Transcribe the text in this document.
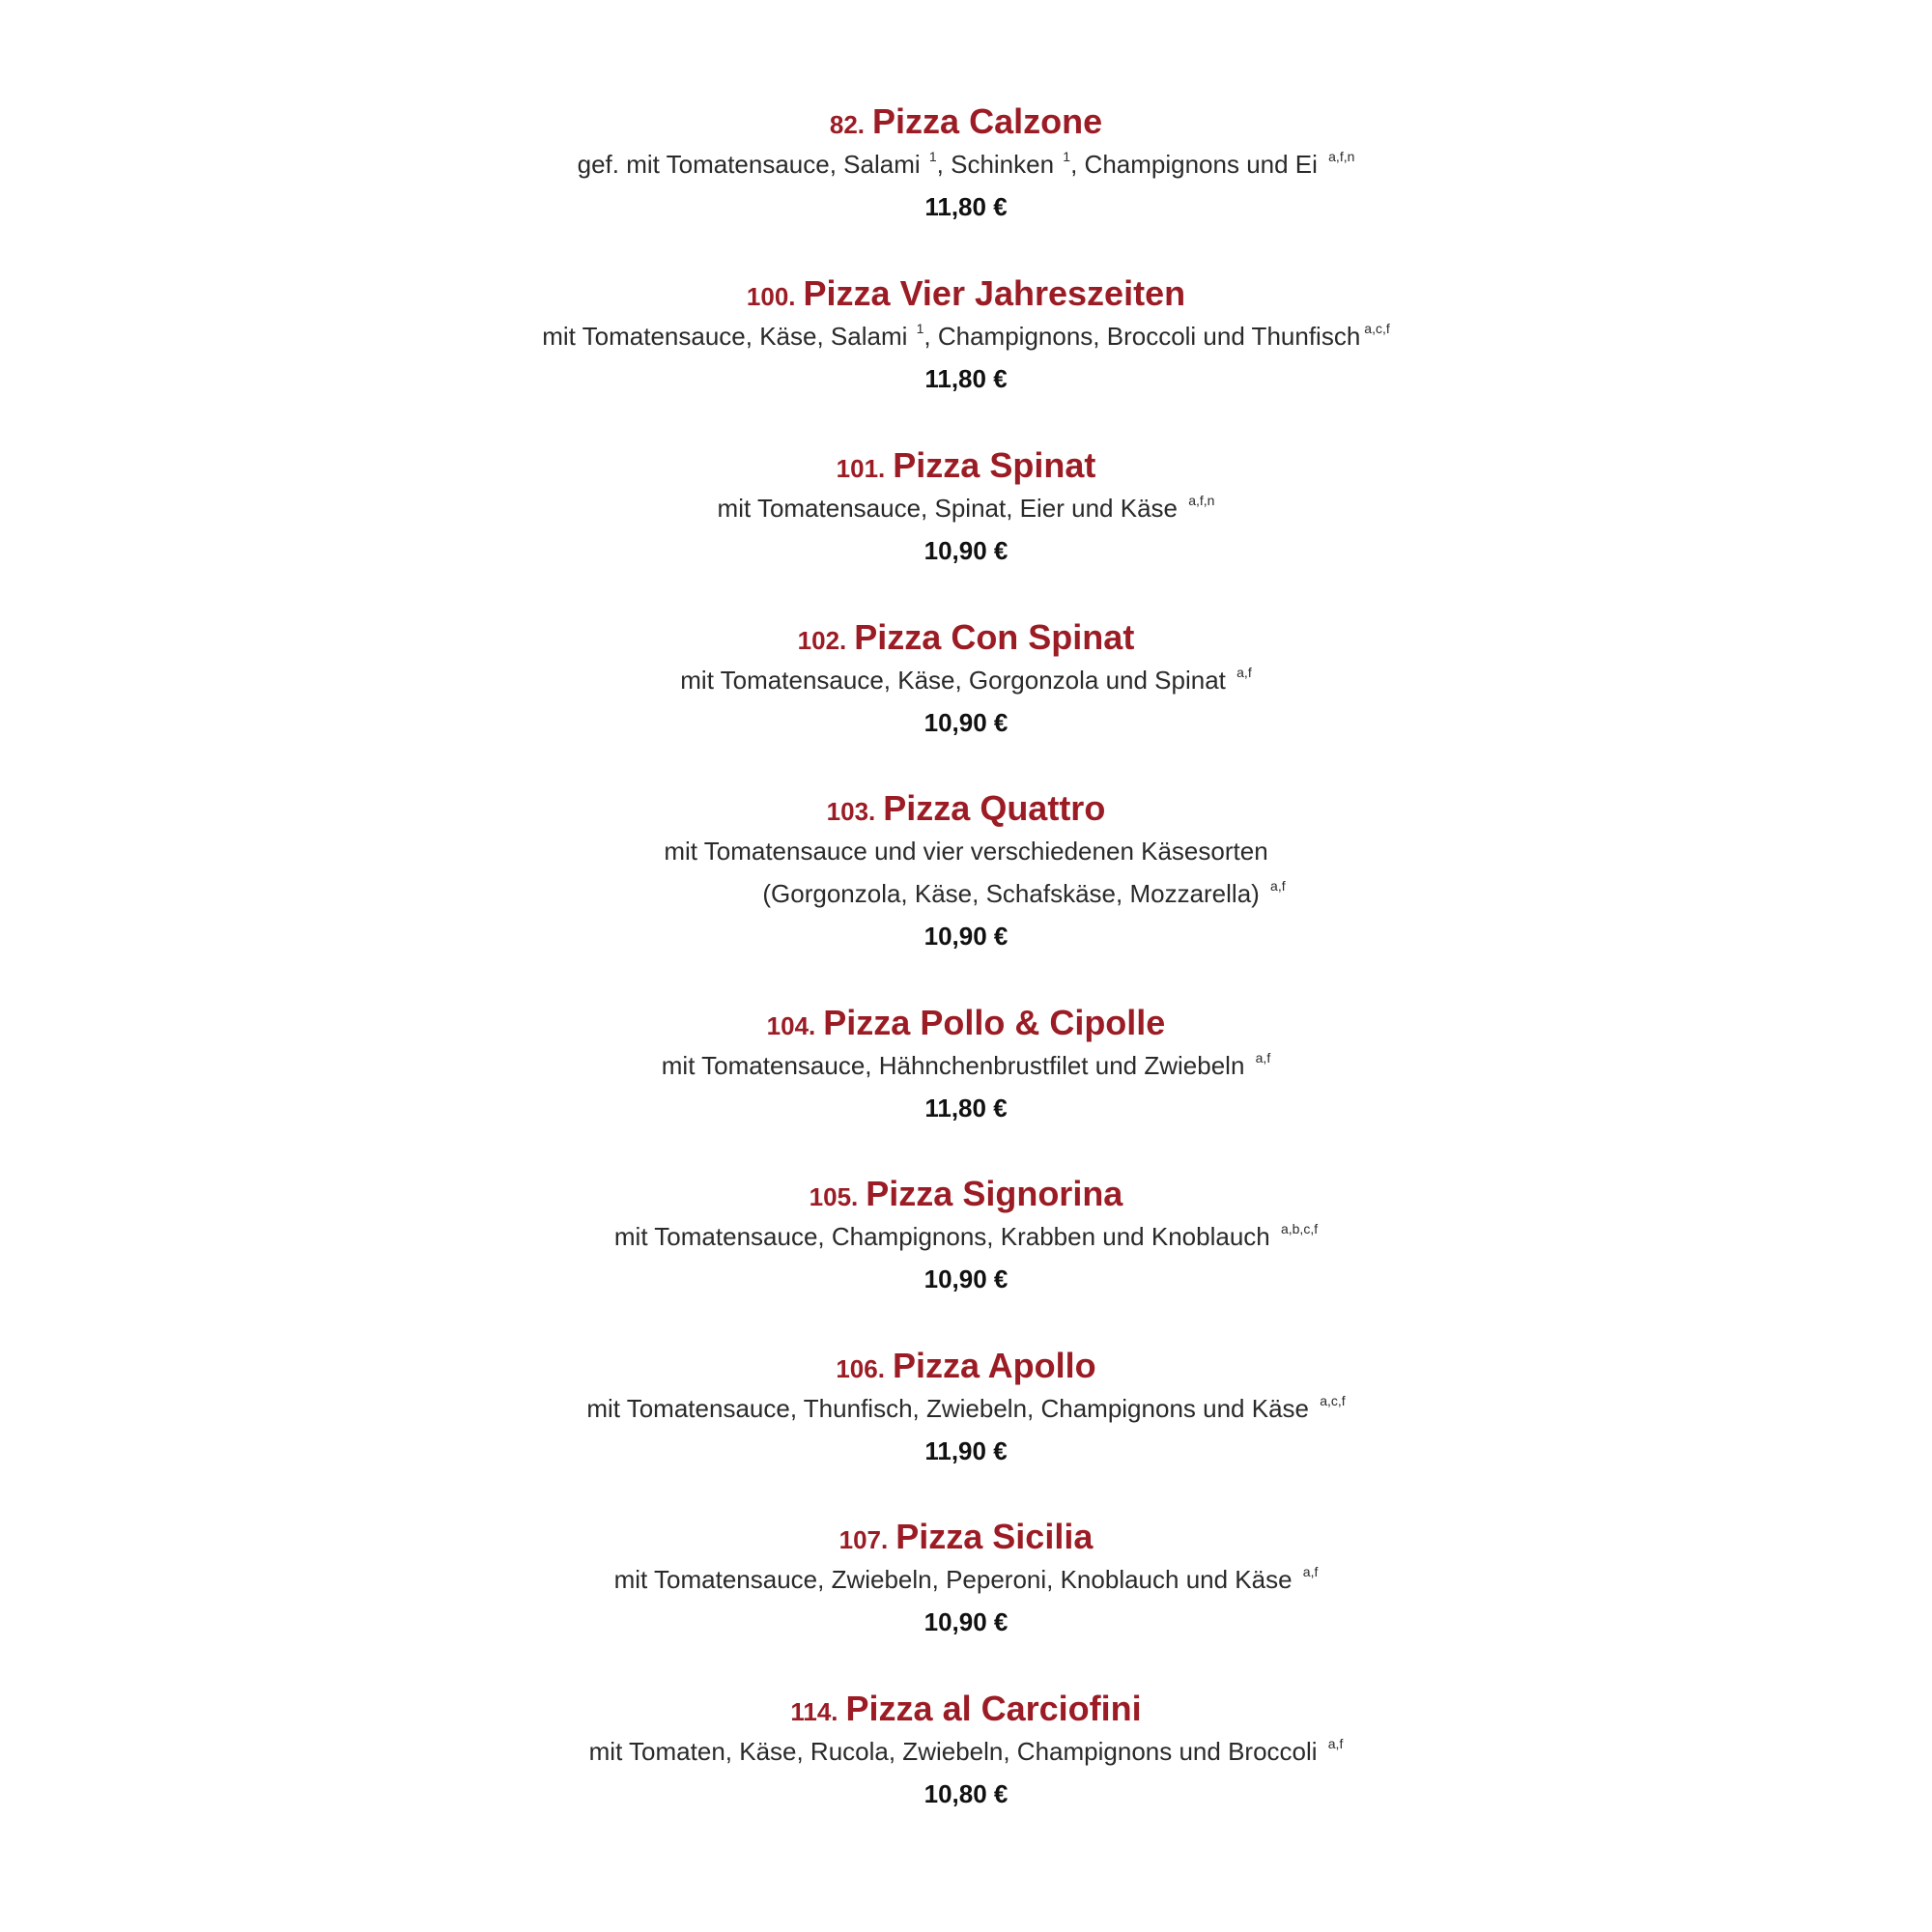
82. Pizza Calzone
gef. mit Tomatensauce, Salami $^1$, Schinken $^1$, Champignons und Ei $^{a,f,n}$
11,80 €
100. Pizza Vier Jahreszeiten
mit Tomatensauce, Käse, Salami $^1$, Champignons, Broccoli und Thunfisch $^{a,c,f}$
11,80 €
101. Pizza Spinat
mit Tomatensauce, Spinat, Eier und Käse $^{a,f,n}$
10,90 €
102. Pizza Con Spinat
mit Tomatensauce, Käse, Gorgonzola und Spinat $^{a,f}$
10,90 €
103. Pizza Quattro
mit Tomatensauce und vier verschiedenen Käsesorten
(Gorgonzola, Käse, Schafskäse, Mozzarella) $^{a,f}$
10,90 €
104. Pizza Pollo & Cipolle
mit Tomatensauce, Hähnchenbrustfilet und Zwiebeln $^{a,f}$
11,80 €
105. Pizza Signorina
mit Tomatensauce, Champignons, Krabben und Knoblauch $^{a,b,c,f}$
10,90 €
106. Pizza Apollo
mit Tomatensauce, Thunfisch, Zwiebeln, Champignons und Käse $^{a,c,f}$
11,90 €
107. Pizza Sicilia
mit Tomatensauce, Zwiebeln, Peperoni, Knoblauch und Käse $^{a,f}$
10,90 €
114. Pizza al Carciofini
mit Tomaten, Käse, Rucola, Zwiebeln, Champignons und Broccoli $^{a,f}$
10,80 €
